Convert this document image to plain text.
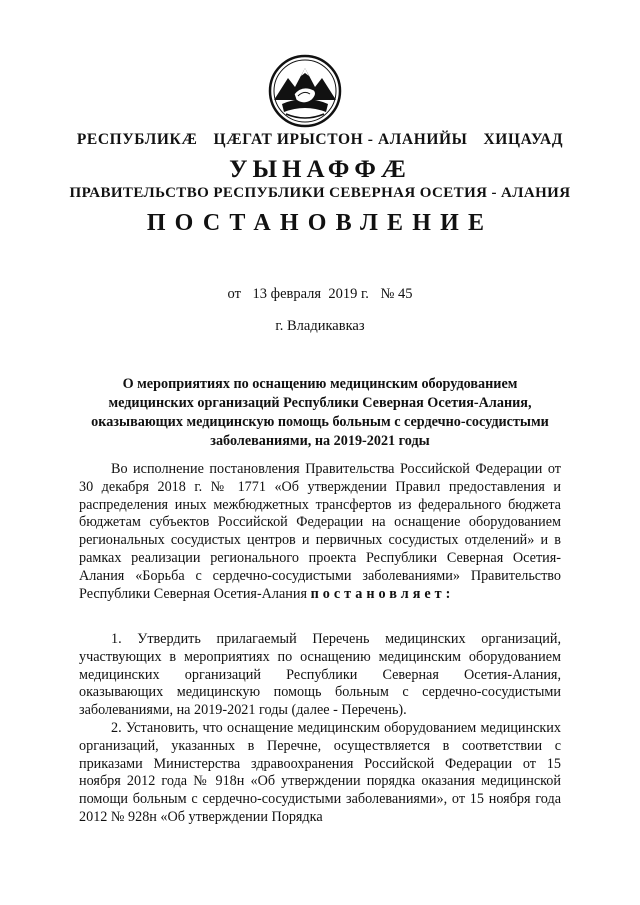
РЕСПУБЛИКӔ ЦӔГАТ ИРЫСТОН - АЛАНИЙЫ ХИЦАУАД
УЫНАФФӔ
ПРАВИТЕЛЬСТВО РЕСПУБЛИКИ СЕВЕРНАЯ ОСЕТИЯ - АЛАНИЯ
ПОСТАНОВЛЕНИЕ
от 13 февраля  2019 г. № 45
г. Владикавказ
О мероприятиях по оснащению медицинским оборудованием медицинских организаций Республики Северная Осетия-Алания, оказывающих медицинскую помощь больным с сердечно-сосудистыми заболеваниями, на 2019-2021 годы
Во исполнение постановления Правительства Российской Федерации от 30 декабря 2018 г. № 1771 «Об утверждении Правил предоставления и распределения иных межбюджетных трансфертов из федерального бюджета бюджетам субъектов Российской Федерации на оснащение оборудованием региональных сосудистых центров и первичных сосудистых отделений» и в рамках реализации регионального проекта Республики Северная Осетия-Алания «Борьба с сердечно-сосудистыми заболеваниями» Правительство Республики Северная Осетия-Алания постановляет:
1. Утвердить прилагаемый Перечень медицинских организаций, участвующих в мероприятиях по оснащению медицинским оборудованием медицинских организаций Республики Северная Осетия-Алания, оказывающих медицинскую помощь больным с сердечно-сосудистыми заболеваниями, на 2019-2021 годы (далее - Перечень).
2. Установить, что оснащение медицинским оборудованием медицинских организаций, указанных в Перечне, осуществляется в соответствии с приказами Министерства здравоохранения Российской Федерации от 15 ноября 2012 года № 918н «Об утверждении порядка оказания медицинской помощи больным с сердечно-сосудистыми заболеваниями», от 15 ноября года 2012 № 928н «Об утверждении Порядка
